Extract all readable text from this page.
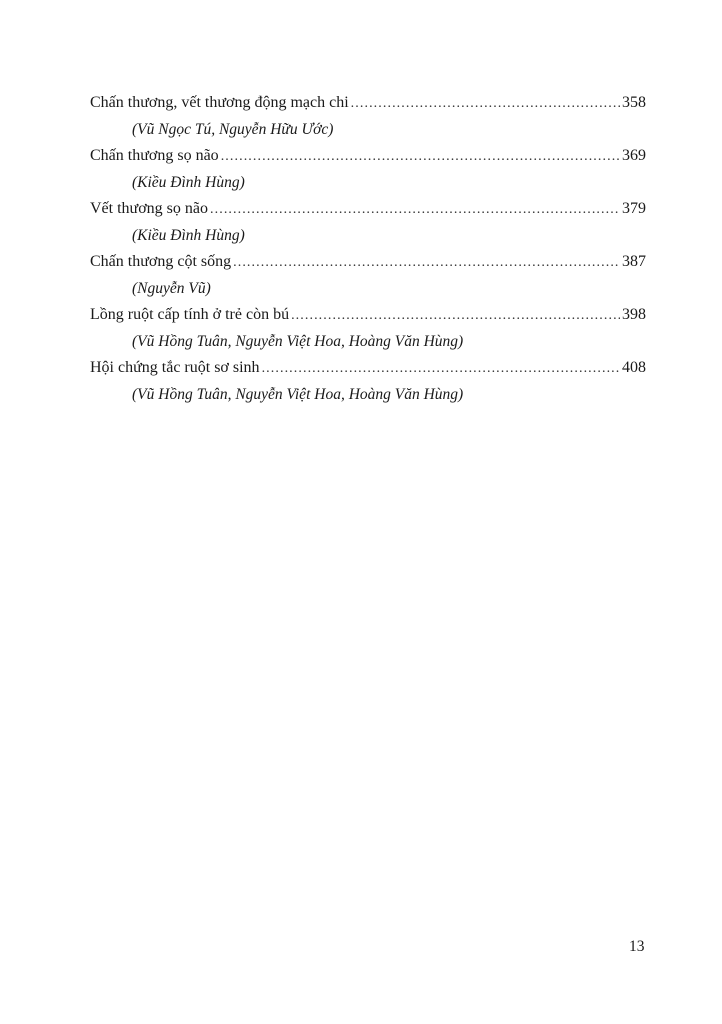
Chấn thương, vết thương động mạch chi . . .	358
(Vũ Ngọc Tú, Nguyễn Hữu Ước)
Chấn thương sọ não . . .	369
(Kiều Đình Hùng)
Vết thương sọ não . . .	379
(Kiều Đình Hùng)
Chấn thương cột sống . . .	387
(Nguyễn Vũ)
Lồng ruột cấp tính ở trẻ còn bú . . .	398
(Vũ Hồng Tuân, Nguyễn Việt Hoa, Hoàng Văn Hùng)
Hội chứng tắc ruột sơ sinh . . .	408
(Vũ Hồng Tuân, Nguyễn Việt Hoa, Hoàng Văn Hùng)
13
